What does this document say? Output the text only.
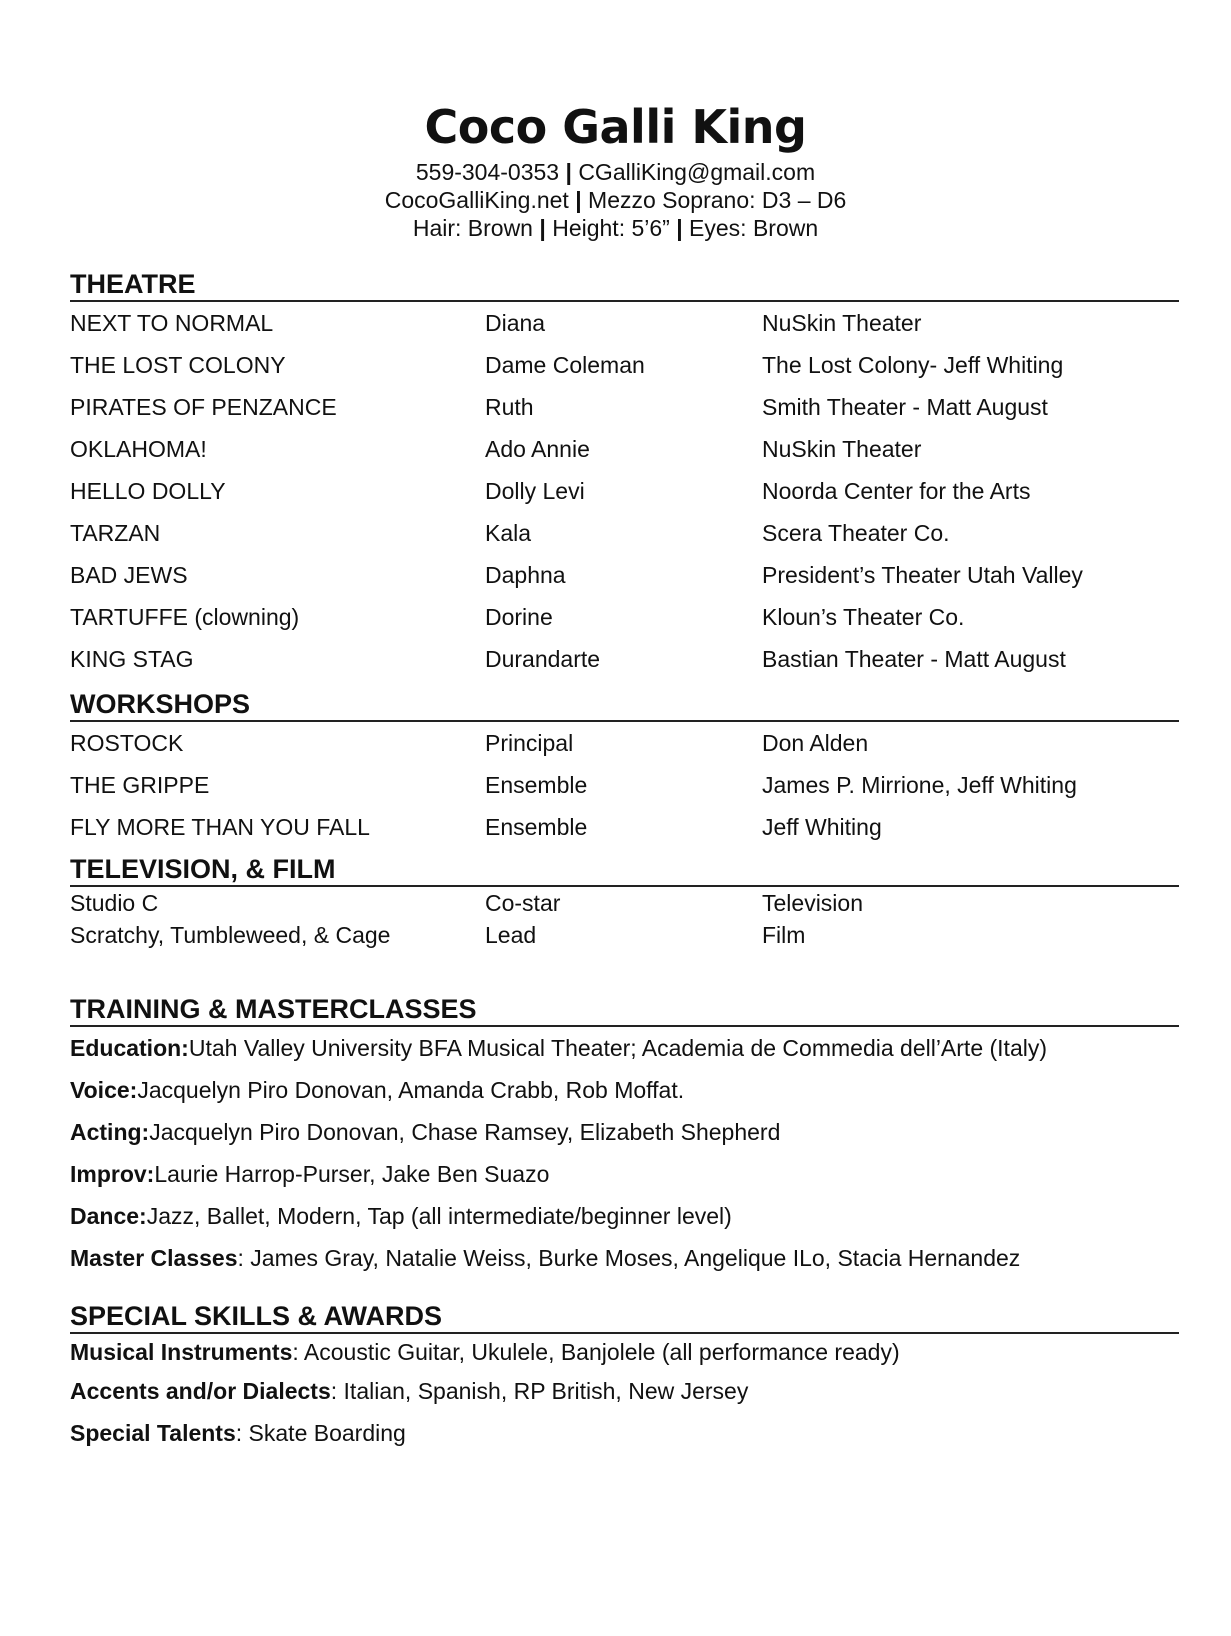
Coco Galli King
559-304-0353 | CGalliKing@gmail.com
CocoGalliKing.net | Mezzo Soprano: D3 – D6
Hair: Brown | Height: 5’6” | Eyes: Brown
THEATRE
NEXT TO NORMAL	Diana	NuSkin Theater
THE LOST COLONY	Dame Coleman	The Lost Colony- Jeff Whiting
PIRATES OF PENZANCE	Ruth	Smith Theater - Matt August
OKLAHOMA!	Ado Annie	NuSkin Theater
HELLO DOLLY	Dolly Levi	Noorda Center for the Arts
TARZAN	Kala	Scera Theater Co.
BAD JEWS	Daphna	President’s Theater Utah Valley
TARTUFFE (clowning)	Dorine	Kloun’s Theater Co.
KING STAG	Durandarte	Bastian Theater - Matt August
WORKSHOPS
ROSTOCK	Principal	Don Alden
THE GRIPPE	Ensemble	James P. Mirrione, Jeff Whiting
FLY MORE THAN YOU FALL	Ensemble	Jeff Whiting
TELEVISION, & FILM
Studio C	Co-star	Television
Scratchy, Tumbleweed, & Cage	Lead	Film
TRAINING & MASTERCLASSES
Education: Utah Valley University BFA Musical Theater; Academia de Commedia dell’Arte (Italy)
Voice: Jacquelyn Piro Donovan, Amanda Crabb, Rob Moffat.
Acting: Jacquelyn Piro Donovan, Chase Ramsey, Elizabeth Shepherd
Improv: Laurie Harrop-Purser, Jake Ben Suazo
Dance: Jazz, Ballet, Modern, Tap (all intermediate/beginner level)
Master Classes : James Gray, Natalie Weiss, Burke Moses, Angelique ILo, Stacia Hernandez
SPECIAL SKILLS & AWARDS
Musical Instruments : Acoustic Guitar, Ukulele, Banjolele (all performance ready)
Accents and/or Dialects : Italian, Spanish, RP British, New Jersey
Special Talents : Skate Boarding
